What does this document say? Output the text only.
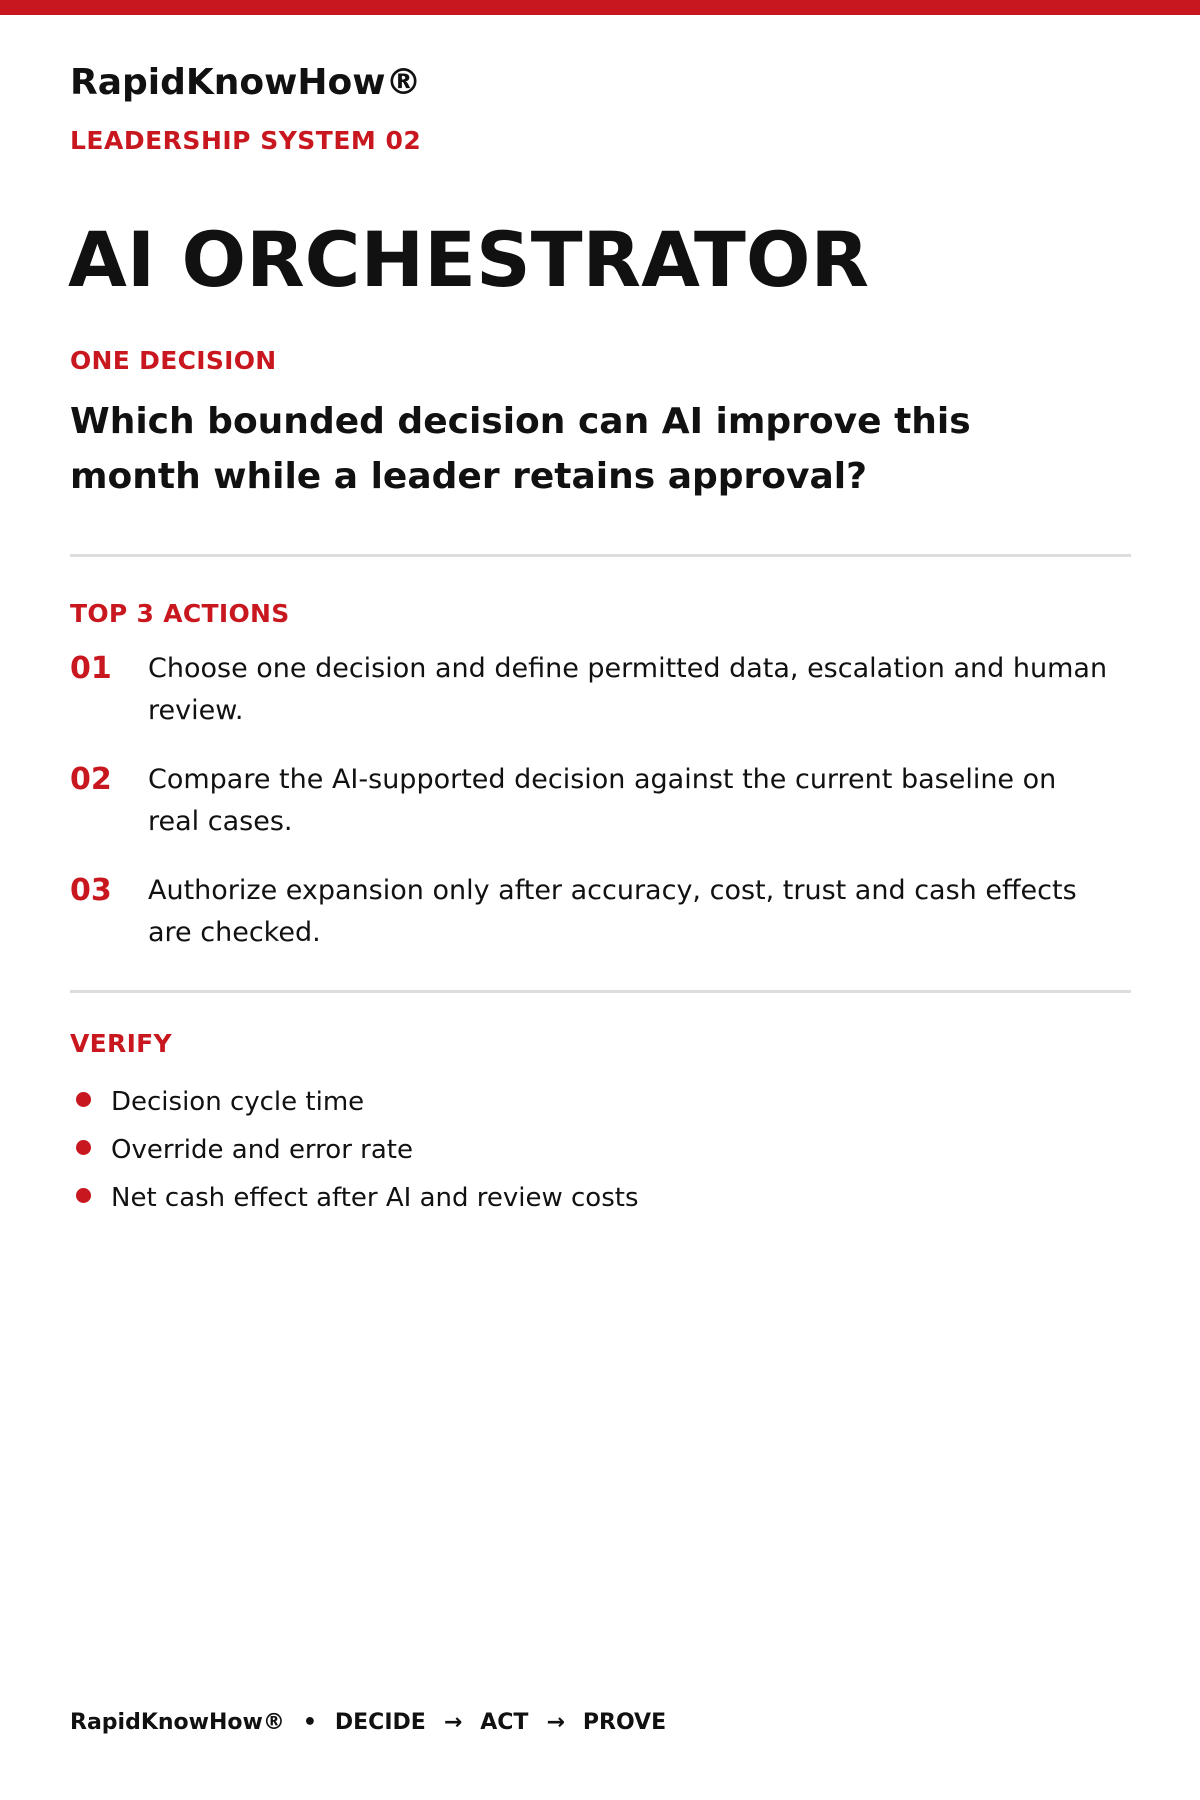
RapidKnowHow®
LEADERSHIP SYSTEM 02
AI ORCHESTRATOR
ONE DECISION
Which bounded decision can AI improve this month while a leader retains approval?
TOP 3 ACTIONS
01	Choose one decision and define permitted data, escalation and human review.
02	Compare the AI-supported decision against the current baseline on real cases.
03	Authorize expansion only after accuracy, cost, trust and cash effects are checked.
VERIFY
Decision cycle time
Override and error rate
Net cash effect after AI and review costs
RapidKnowHow® • DECIDE → ACT → PROVE
